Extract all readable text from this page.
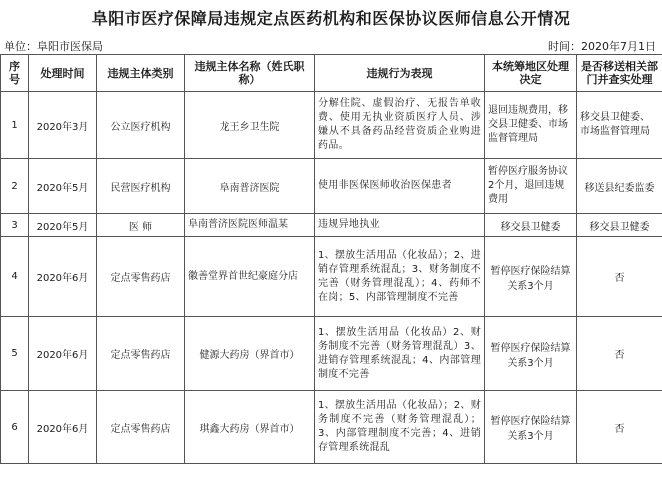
阜阳市医疗保障局违规定点医药机构和医保协议医师信息公开情况
单位：阜阳市医保局	时间：2020年7月1日
序号	处理时间	违规主体类别	违规主体名称（姓氏职称）	违规行为表现	本统筹地区处理决定	是否移送相关部门并查实处理
1	2020年3月	公立医疗机构	龙王乡卫生院	分解住院、虚假治疗、无报告单收费、使用无执业资质医疗人员、涉嫌从不具备药品经营资质企业购进药品。	退回违规费用，移交县卫健委、市场监督管理局	移交县卫健委、市场监督管理局
2	2020年5月	民营医疗机构	阜南普济医院	使用非医保医师收治医保患者	暂停医疗服务协议2个月，退回违规费用	移送县纪委监委
3	2020年5月	医 师	阜南普济医院医师温某	违规异地执业	移交县卫健委	移交县卫健委
4	2020年6月	定点零售药店	徽善堂界首世纪豪庭分店	1、摆放生活用品（化妆品）；2、进销存管理系统混乱；3、财务制度不完善（财务管理混乱）；4、药师不在岗；5、内部管理制度不完善	暂停医疗保险结算关系3个月	否
5	2020年6月	定点零售药店	健源大药房（界首市）	1、摆放生活用品（化妆品）2、财务制度不完善（财务管理混乱）3、进销存管理系统混乱；4、内部管理制度不完善	暂停医疗保险结算关系3个月	否
6	2020年6月	定点零售药店	琪鑫大药房（界首市）	1、摆放生活用品（化妆品）；2、财务制度不完善（财务管理混乱）；3、内部管理制度不完善；4、进销存管理系统混乱	暂停医疗保险结算关系3个月	否
